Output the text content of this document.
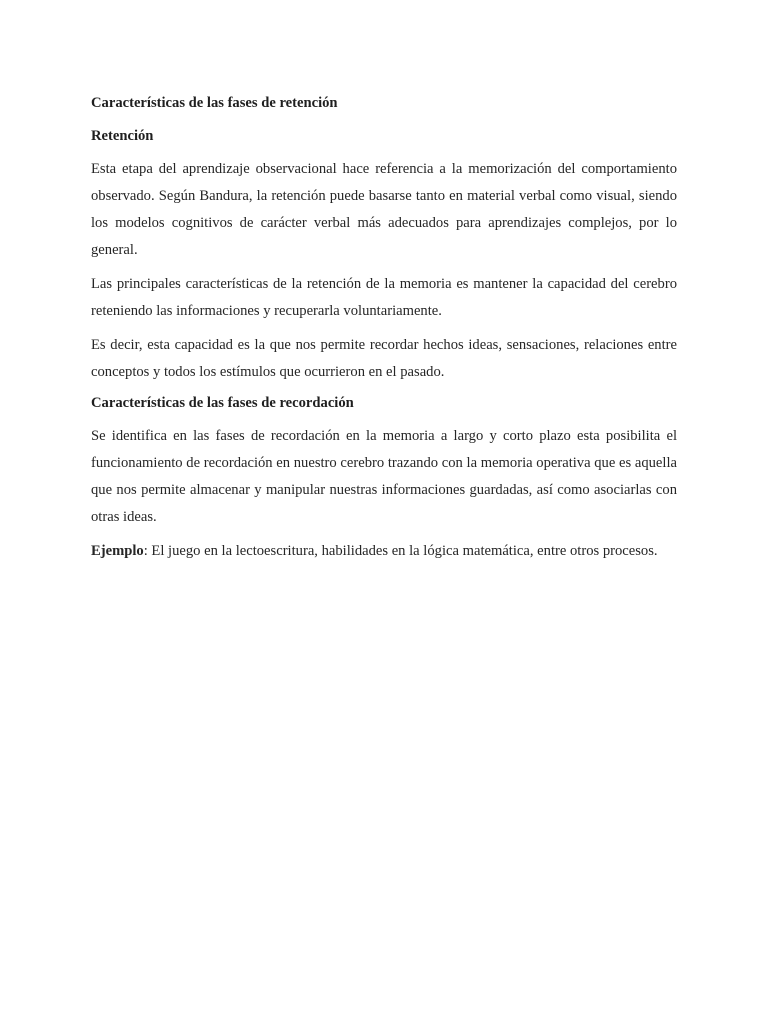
Características de las fases de retención
Retención

Esta etapa del aprendizaje observacional hace referencia a la memorización del comportamiento observado. Según Bandura, la retención puede basarse tanto en material verbal como visual, siendo los modelos cognitivos de carácter verbal más adecuados para aprendizajes complejos, por lo general.

Las principales características de la retención de la memoria es mantener la capacidad del cerebro reteniendo las informaciones y recuperarla voluntariamente.

Es decir, esta capacidad es la que nos permite recordar hechos ideas, sensaciones, relaciones entre conceptos y todos los estímulos que ocurrieron en el pasado.

Características de las fases de recordación

Se identifica en las fases de recordación en la memoria a largo y corto plazo esta posibilita el funcionamiento de recordación en nuestro cerebro trazando con la memoria operativa que es aquella que nos permite almacenar y manipular nuestras informaciones guardadas, así como asociarlas con otras ideas.

Ejemplo: El juego en la lectoescritura, habilidades en la lógica matemática, entre otros procesos.
